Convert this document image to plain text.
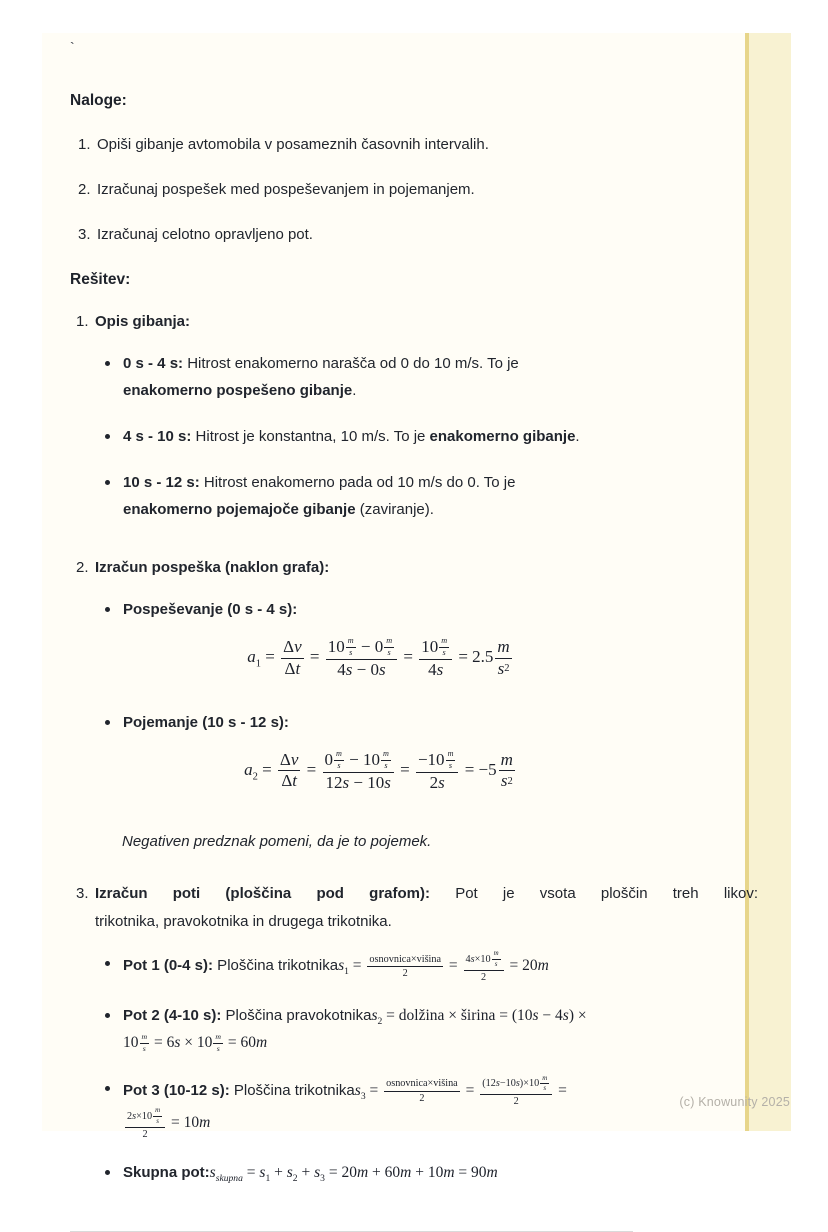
`
Naloge:
1. Opiši gibanje avtomobila v posameznih časovnih intervalih.
2. Izračunaj pospešek med pospeševanjem in pojemanjem.
3. Izračunaj celotno opravljeno pot.
Rešitev:
1. Opis gibanja:

0 s - 4 s: Hitrost enakomerno narašča od 0 do 10 m/s. To je
enakomerno pospešeno gibanje.
4 s - 10 s: Hitrost je konstantna, 10 m/s. To je enakomerno gibanje.
10 s - 12 s: Hitrost enakomerno pada od 10 m/s do 0. To je
enakomerno pojemajoče gibanje (zaviranje).
2. Izračun pospeška (naklon grafa):

Pospeševanje (0 s - 4 s):
$a_1 = \frac{\text{Δ v}}{\text{Δ t}} = \frac{10 \frac{m}{s} - 0 \frac{m}{s}}{4 s - 0 s} = \frac{10 \frac{m}{s}}{4 s} = 2.5 \frac{m}{s 2}$
Pojemanje (10 s - 12 s):
$a_2 = \frac{\text{Δ v}}{\text{Δ t}} = \frac{0 \frac{m}{s} - 10 \frac{m}{s}}{12 s - 10 s} = \frac{-10 \frac{m}{s}}{2 s} = -5 \frac{m}{s 2}$

Negativen predznak pomeni, da je to pojemek.

3. Izračun poti (ploščina pod grafom): Pot je vsota ploščin treh likov:

trikotnika, pravokotnika in drugega trikotnika.

Pot 1 (0-4 s): Ploščina trikotnikas$_1$ = $\frac{\text{osnovnica×višina}}{2} = \frac{4 s \times 10 \frac{m}{s}}{2} = 20m$
Pot 2 (4-10 s): Ploščina pravokotnikas$_2$ = dolžina × širina = (10s − 4s) ×
$10 \frac{m}{s} = 6s \times 10 \frac{m}{s} = 60m$
Pot 3 (10-12 s): Ploščina trikotnikas$_3$ = $\frac{\text{osnovnica×višina}}{2} = \frac{(12 s -10 s )\times 10 \frac{m}{s}}{2}$ =

$\frac{2 s \times 10 \frac{m}{s}}{2} = 10m$
Skupna $pot:s_{skupna} = s_1 + s_2 + s_3 = 20m + 60m + 10m = 90m$
(c) Knowunity 2025
